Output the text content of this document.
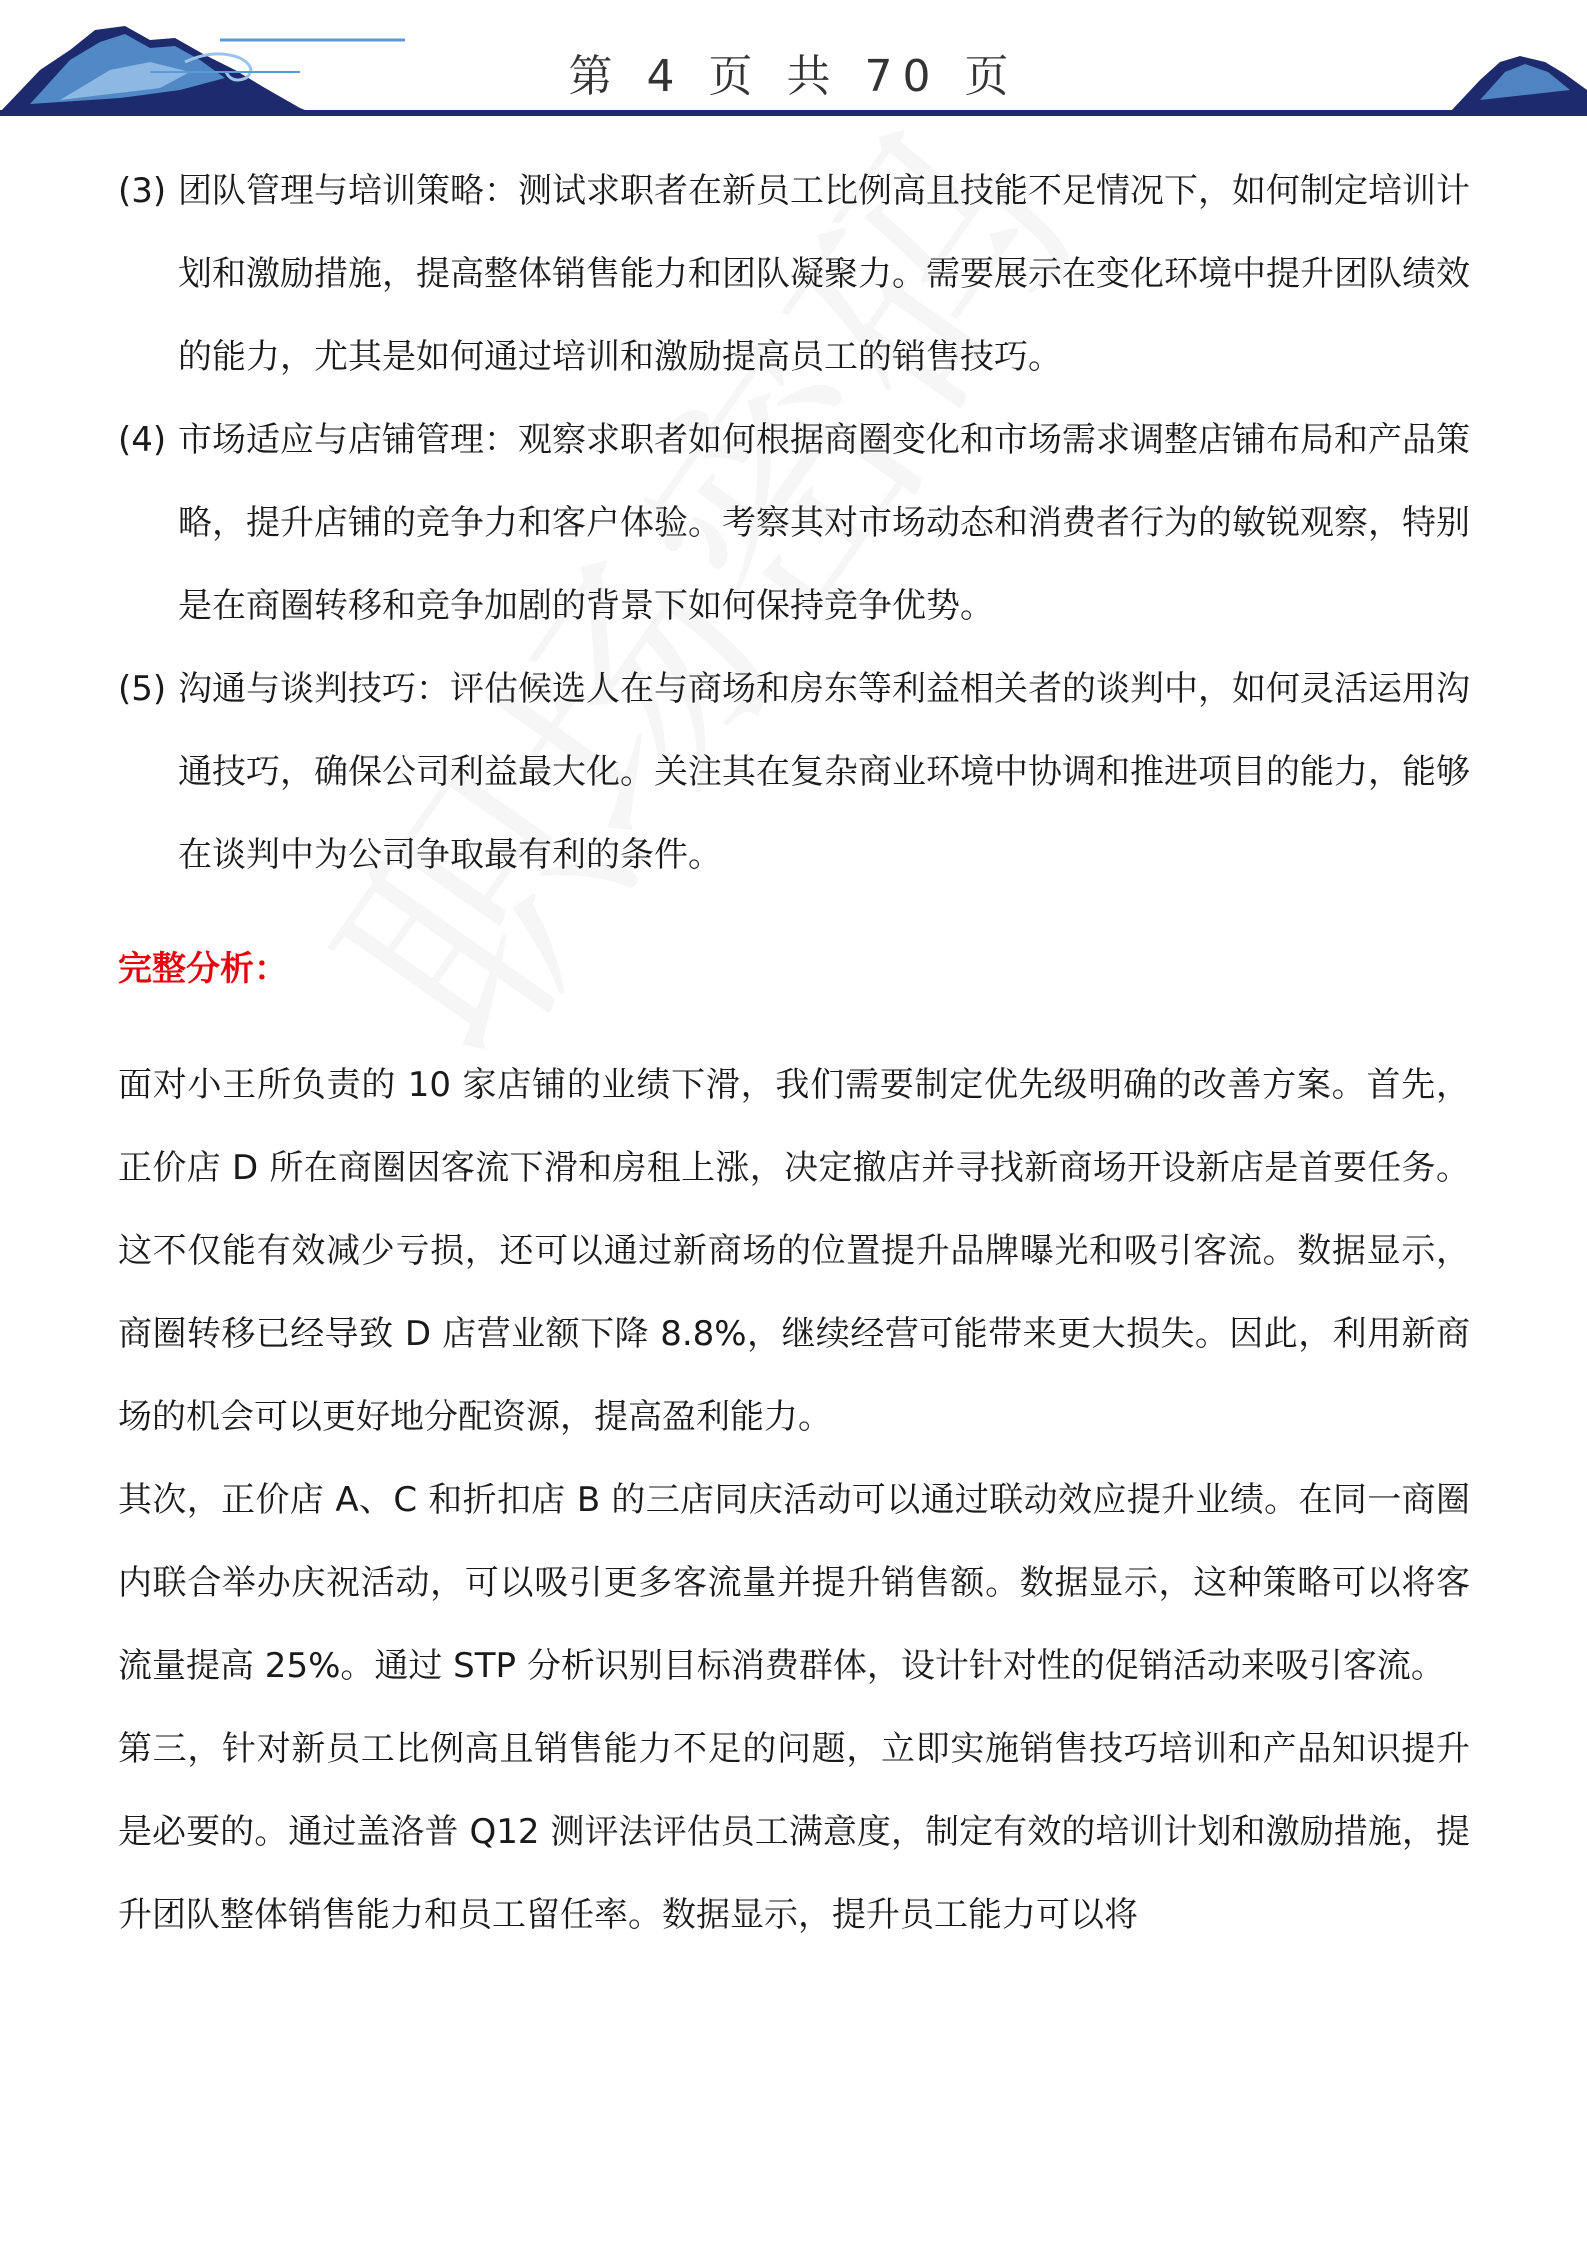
第 4 页 共 70 页
(3) 团队管理与培训策略：测试求职者在新员工比例高且技能不足情况下，如何制定培训计划和激励措施，提高整体销售能力和团队凝聚力。需要展示在变化环境中提升团队绩效的能力，尤其是如何通过培训和激励提高员工的销售技巧。
(4) 市场适应与店铺管理：观察求职者如何根据商圈变化和市场需求调整店铺布局和产品策略，提升店铺的竞争力和客户体验。考察其对市场动态和消费者行为的敏锐观察，特别是在商圈转移和竞争加剧的背景下如何保持竞争优势。
(5) 沟通与谈判技巧：评估候选人在与商场和房东等利益相关者的谈判中，如何灵活运用沟通技巧，确保公司利益最大化。关注其在复杂商业环境中协调和推进项目的能力，能够在谈判中为公司争取最有利的条件。
完整分析：
面对小王所负责的 10 家店铺的业绩下滑，我们需要制定优先级明确的改善方案。首先，正价店 D 所在商圈因客流下滑和房租上涨，决定撤店并寻找新商场开设新店是首要任务。这不仅能有效减少亏损，还可以通过新商场的位置提升品牌曝光和吸引客流。数据显示，商圈转移已经导致 D 店营业额下降 8.8%，继续经营可能带来更大损失。因此，利用新商场的机会可以更好地分配资源，提高盈利能力。
其次，正价店 A、C 和折扣店 B 的三店同庆活动可以通过联动效应提升业绩。在同一商圈内联合举办庆祝活动，可以吸引更多客流量并提升销售额。数据显示，这种策略可以将客流量提高 25%。通过 STP 分析识别目标消费群体，设计针对性的促销活动来吸引客流。
第三，针对新员工比例高且销售能力不足的问题，立即实施销售技巧培训和产品知识提升是必要的。通过盖洛普 Q12 测评法评估员工满意度，制定有效的培训计划和激励措施，提升团队整体销售能力和员工留任率。数据显示，提升员工能力可以将
